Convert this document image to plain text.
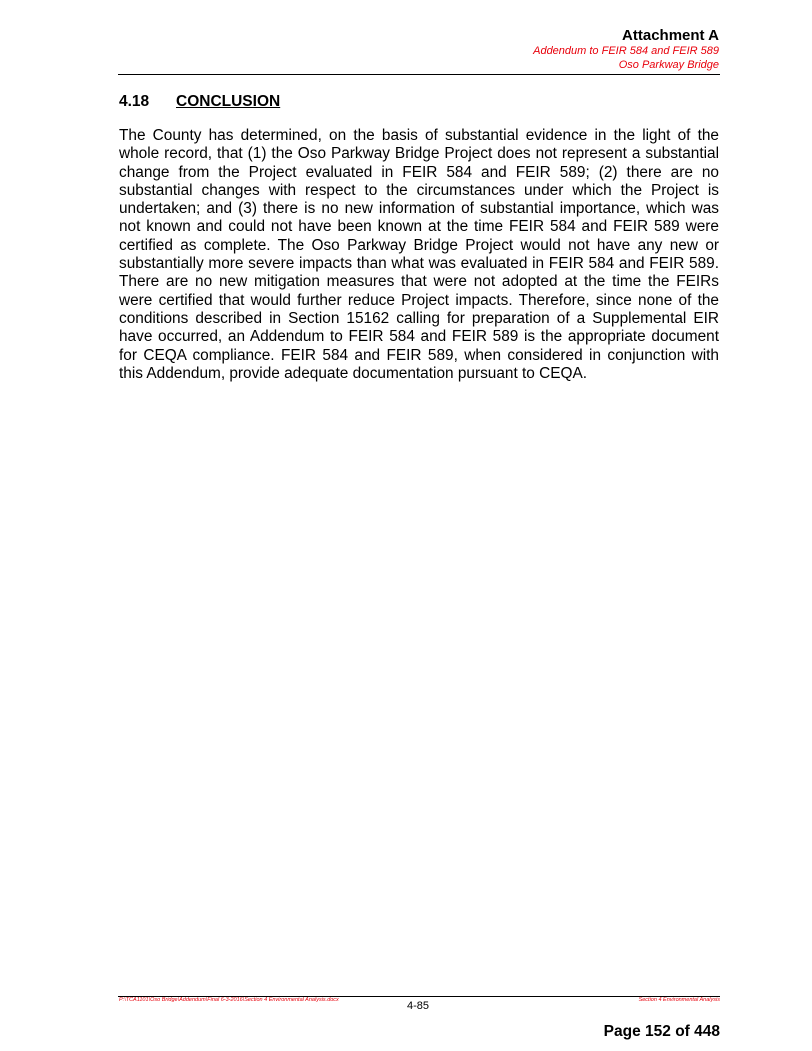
Attachment A
Addendum to FEIR 584 and FEIR 589
Oso Parkway Bridge
4.18 CONCLUSION

The County has determined, on the basis of substantial evidence in the light of the whole record, that (1) the Oso Parkway Bridge Project does not represent a substantial change from the Project evaluated in FEIR 584 and FEIR 589; (2) there are no substantial changes with respect to the circumstances under which the Project is undertaken; and (3) there is no new information of substantial importance, which was not known and could not have been known at the time FEIR 584 and FEIR 589 were certified as complete. The Oso Parkway Bridge Project would not have any new or substantially more severe impacts than what was evaluated in FEIR 584 and FEIR 589. There are no new mitigation measures that were not adopted at the time the FEIRs were certified that would further reduce Project impacts. Therefore, since none of the conditions described in Section 15162 calling for preparation of a Supplemental EIR have occurred, an Addendum to FEIR 584 and FEIR 589 is the appropriate document for CEQA compliance. FEIR 584 and FEIR 589, when considered in conjunction with this Addendum, provide adequate documentation pursuant to CEQA.

P:\TCA1101\Oso Bridge\Addendum\Final 6-3-2016\Section 4 Environmental Analysis.docx	4-85	Section 4 Environmental Analysis
Page 152 of 448
